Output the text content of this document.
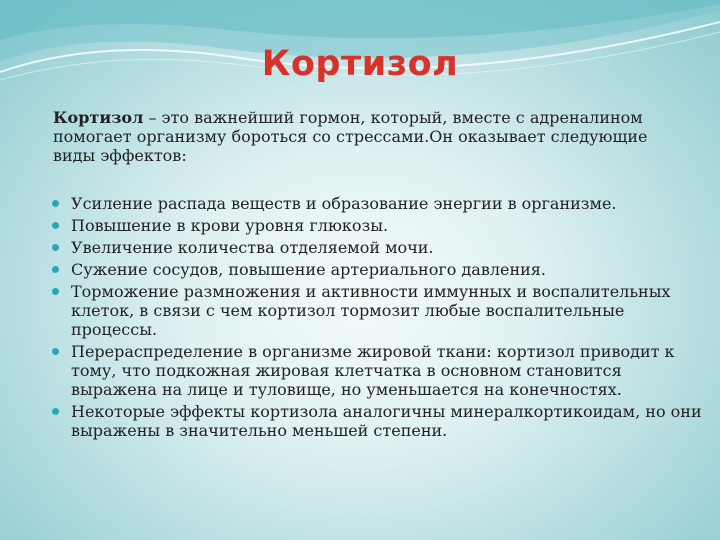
Кортизол
Кортизол – это важнейший гормон, который, вместе с адреналином помогает организму бороться со стрессами.Он оказывает следующие виды эффектов:
Усиление распада веществ и образование энергии в организме.
Повышение в крови уровня глюкозы.
Увеличение количества отделяемой мочи.
Сужение сосудов, повышение артериального давления.
Торможение размножения и активности иммунных и воспалительных клеток, в связи с чем кортизол тормозит любые воспалительные процессы.
Перераспределение в организме жировой ткани: кортизол приводит к тому, что подкожная жировая клетчатка в основном становится выражена на лице и туловище, но уменьшается на конечностях.
Некоторые эффекты кортизола аналогичны минералкортикоидам, но они выражены в значительно меньшей степени.
